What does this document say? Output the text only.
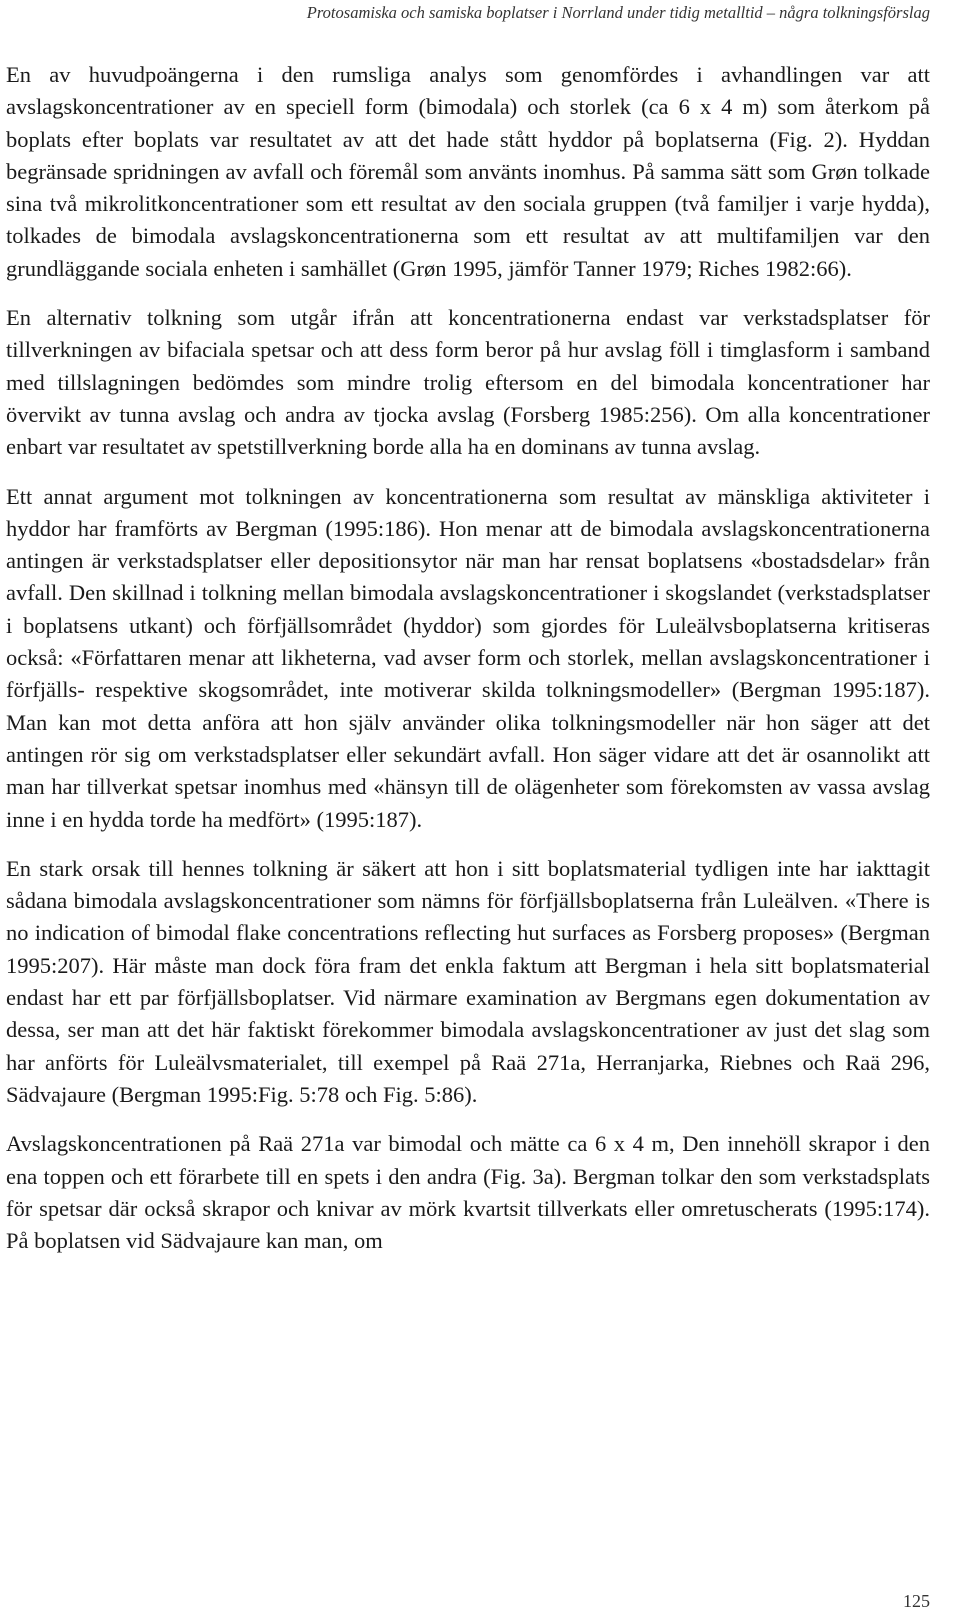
Protosamiska och samiska boplatser i Norrland under tidig metalltid – några tolkningsförslag

En av huvudpoängerna i den rumsliga analys som genomfördes i avhandlingen var att avslagskoncentrationer av en speciell form (bimodala) och storlek (ca 6 x 4 m) som återkom på boplats efter boplats var resultatet av att det hade stått hyddor på boplatserna (Fig. 2). Hyddan begränsade spridningen av avfall och föremål som använts inomhus. På samma sätt som Grøn tolkade sina två mikrolitkoncentrationer som ett resultat av den sociala gruppen (två familjer i varje hydda), tolkades de bimodala avslagskoncentrationerna som ett resultat av att multifamiljen var den grundläggande sociala enheten i samhället (Grøn 1995, jämför Tanner 1979; Riches 1982:66).

En alternativ tolkning som utgår ifrån att koncentrationerna endast var verkstadsplatser för tillverkningen av bifaciala spetsar och att dess form beror på hur avslag föll i timglasform i samband med tillslagningen bedömdes som mindre trolig eftersom en del bimodala koncentrationer har övervikt av tunna avslag och andra av tjocka avslag (Forsberg 1985:256). Om alla koncentrationer enbart var resultatet av spetstillverkning borde alla ha en dominans av tunna avslag.

Ett annat argument mot tolkningen av koncentrationerna som resultat av mänskliga aktiviteter i hyddor har framförts av Bergman (1995:186). Hon menar att de bimodala avslagskoncentrationerna antingen är verkstadsplatser eller depositionsytor när man har rensat boplatsens «bostadsdelar» från avfall. Den skillnad i tolkning mellan bimodala avslagskoncentrationer i skogslandet (verkstadsplatser i boplatsens utkant) och förfjällsområdet (hyddor) som gjordes för Luleälvsboplatserna kritiseras också: «Författaren menar att likheterna, vad avser form och storlek, mellan avslagskoncentrationer i förfjälls- respektive skogsområdet, inte motiverar skilda tolkningsmodeller» (Bergman 1995:187). Man kan mot detta anföra att hon själv använder olika tolkningsmodeller när hon säger att det antingen rör sig om verkstadsplatser eller sekundärt avfall. Hon säger vidare att det är osannolikt att man har tillverkat spetsar inomhus med «hänsyn till de olägenheter som förekomsten av vassa avslag inne i en hydda torde ha medfört» (1995:187).

En stark orsak till hennes tolkning är säkert att hon i sitt boplatsmaterial tydligen inte har iakttagit sådana bimodala avslagskoncentrationer som nämns för förfjällsboplatserna från Luleälven. «There is no indication of bimodal flake concentrations reflecting hut surfaces as Forsberg proposes» (Bergman 1995:207). Här måste man dock föra fram det enkla faktum att Bergman i hela sitt boplatsmaterial endast har ett par förfjällsboplatser. Vid närmare examination av Bergmans egen dokumentation av dessa, ser man att det här faktiskt förekommer bimodala avslagskoncentrationer av just det slag som har anförts för Luleälvsmaterialet, till exempel på Raä 271a, Herranjarka, Riebnes och Raä 296, Sädvajaure (Bergman 1995:Fig. 5:78 och Fig. 5:86).

Avslagskoncentrationen på Raä 271a var bimodal och mätte ca 6 x 4 m, Den innehöll skrapor i den ena toppen och ett förarbete till en spets i den andra (Fig. 3a). Bergman tolkar den som verkstadsplats för spetsar där också skrapor och knivar av mörk kvartsit tillverkats eller omretuscherats (1995:174). På boplatsen vid Sädvajaure kan man, om

125
